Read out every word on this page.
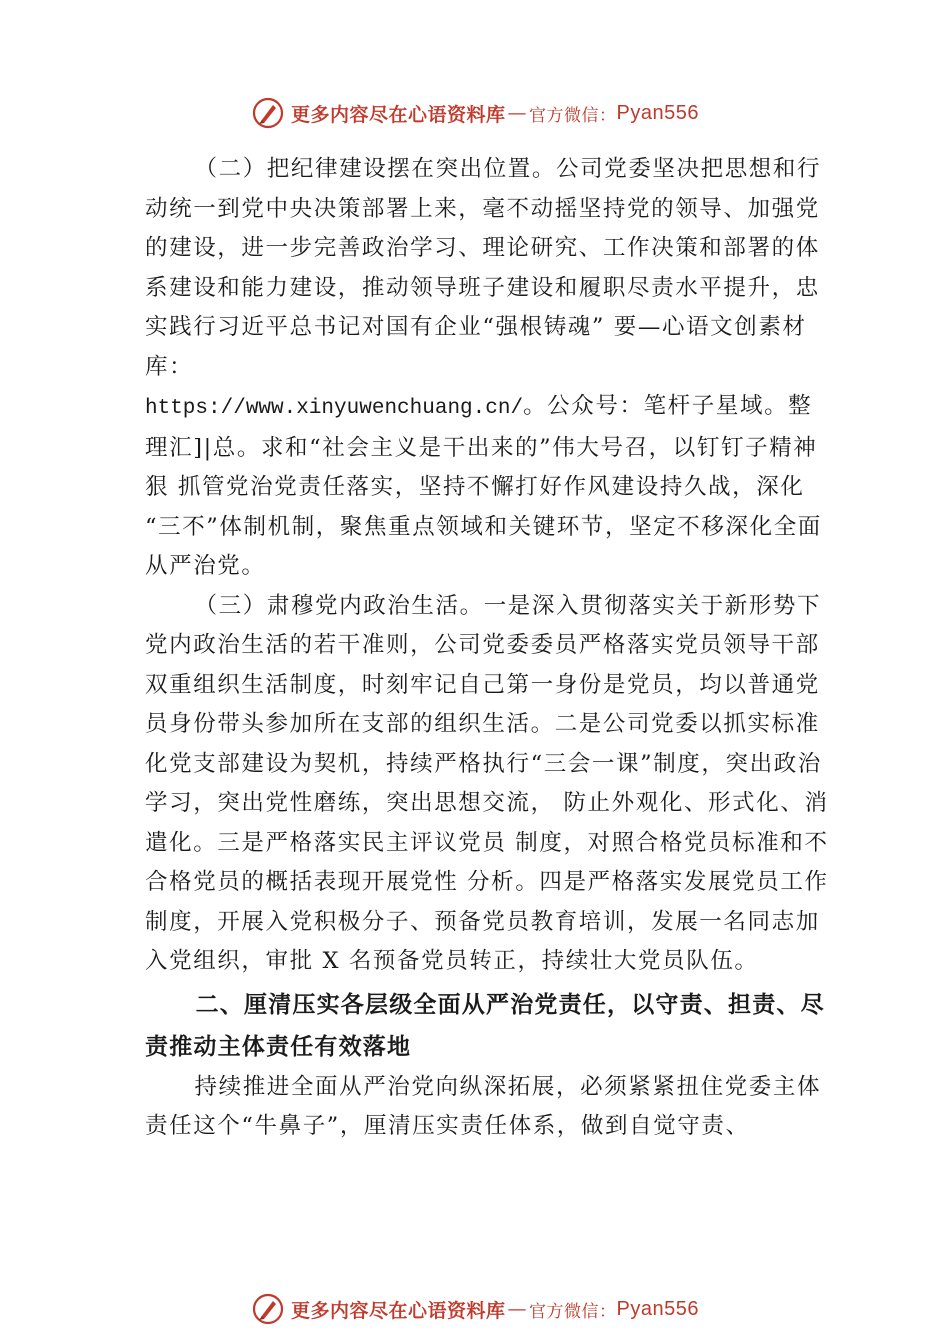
更多内容尽在心语资料库 — 官方微信： Pyan556

（二）把纪律建设摆在突出位置。公司党委坚决把思想和行动统一到党中央决策部署上来，毫不动摇坚持党的领导、加强党的建设，进一步完善政治学习、理论研究、工作决策和部署的体系建设和能力建设，推动领导班子建设和履职尽责水平提升，忠实践行习近平总书记对国有企业“强根铸魂” 要—心语文创素材库：
https://www.xinyuwenchuang.cn/。公众号：笔杆子星域。整理汇]|总。求和“社会主义是干出来的”伟大号召，以钉钉子精神狠 抓管党治党责任落实，坚持不懈打好作风建设持久战，深化 “三不”体制机制，聚焦重点领域和关键环节，坚定不移深化全面从严治党。

（三）肃穆党内政治生活。一是深入贯彻落实关于新形势下党内政治生活的若干准则，公司党委委员严格落实党员领导干部双重组织生活制度，时刻牢记自己第一身份是党员，均以普通党员身份带头参加所在支部的组织生活。二是公司党委以抓实标准化党支部建设为契机，持续严格执行“三会一课”制度，突出政治学习，突出党性磨练，突出思想交流， 防止外观化、形式化、消遣化。三是严格落实民主评议党员 制度，对照合格党员标准和不合格党员的概括表现开展党性 分析。四是严格落实发展党员工作制度，开展入党积极分子、预备党员教育培训，发展一名同志加入党组织，审批 X 名预备党员转正，持续壮大党员队伍。

二、厘清压实各层级全面从严治党责任，以守责、担责、尽责推动主体责任有效落地

持续推进全面从严治党向纵深拓展，必须紧紧扭住党委主体责任这个“牛鼻子”，厘清压实责任体系，做到自觉守责、

更多内容尽在心语资料库 — 官方微信： Pyan556
